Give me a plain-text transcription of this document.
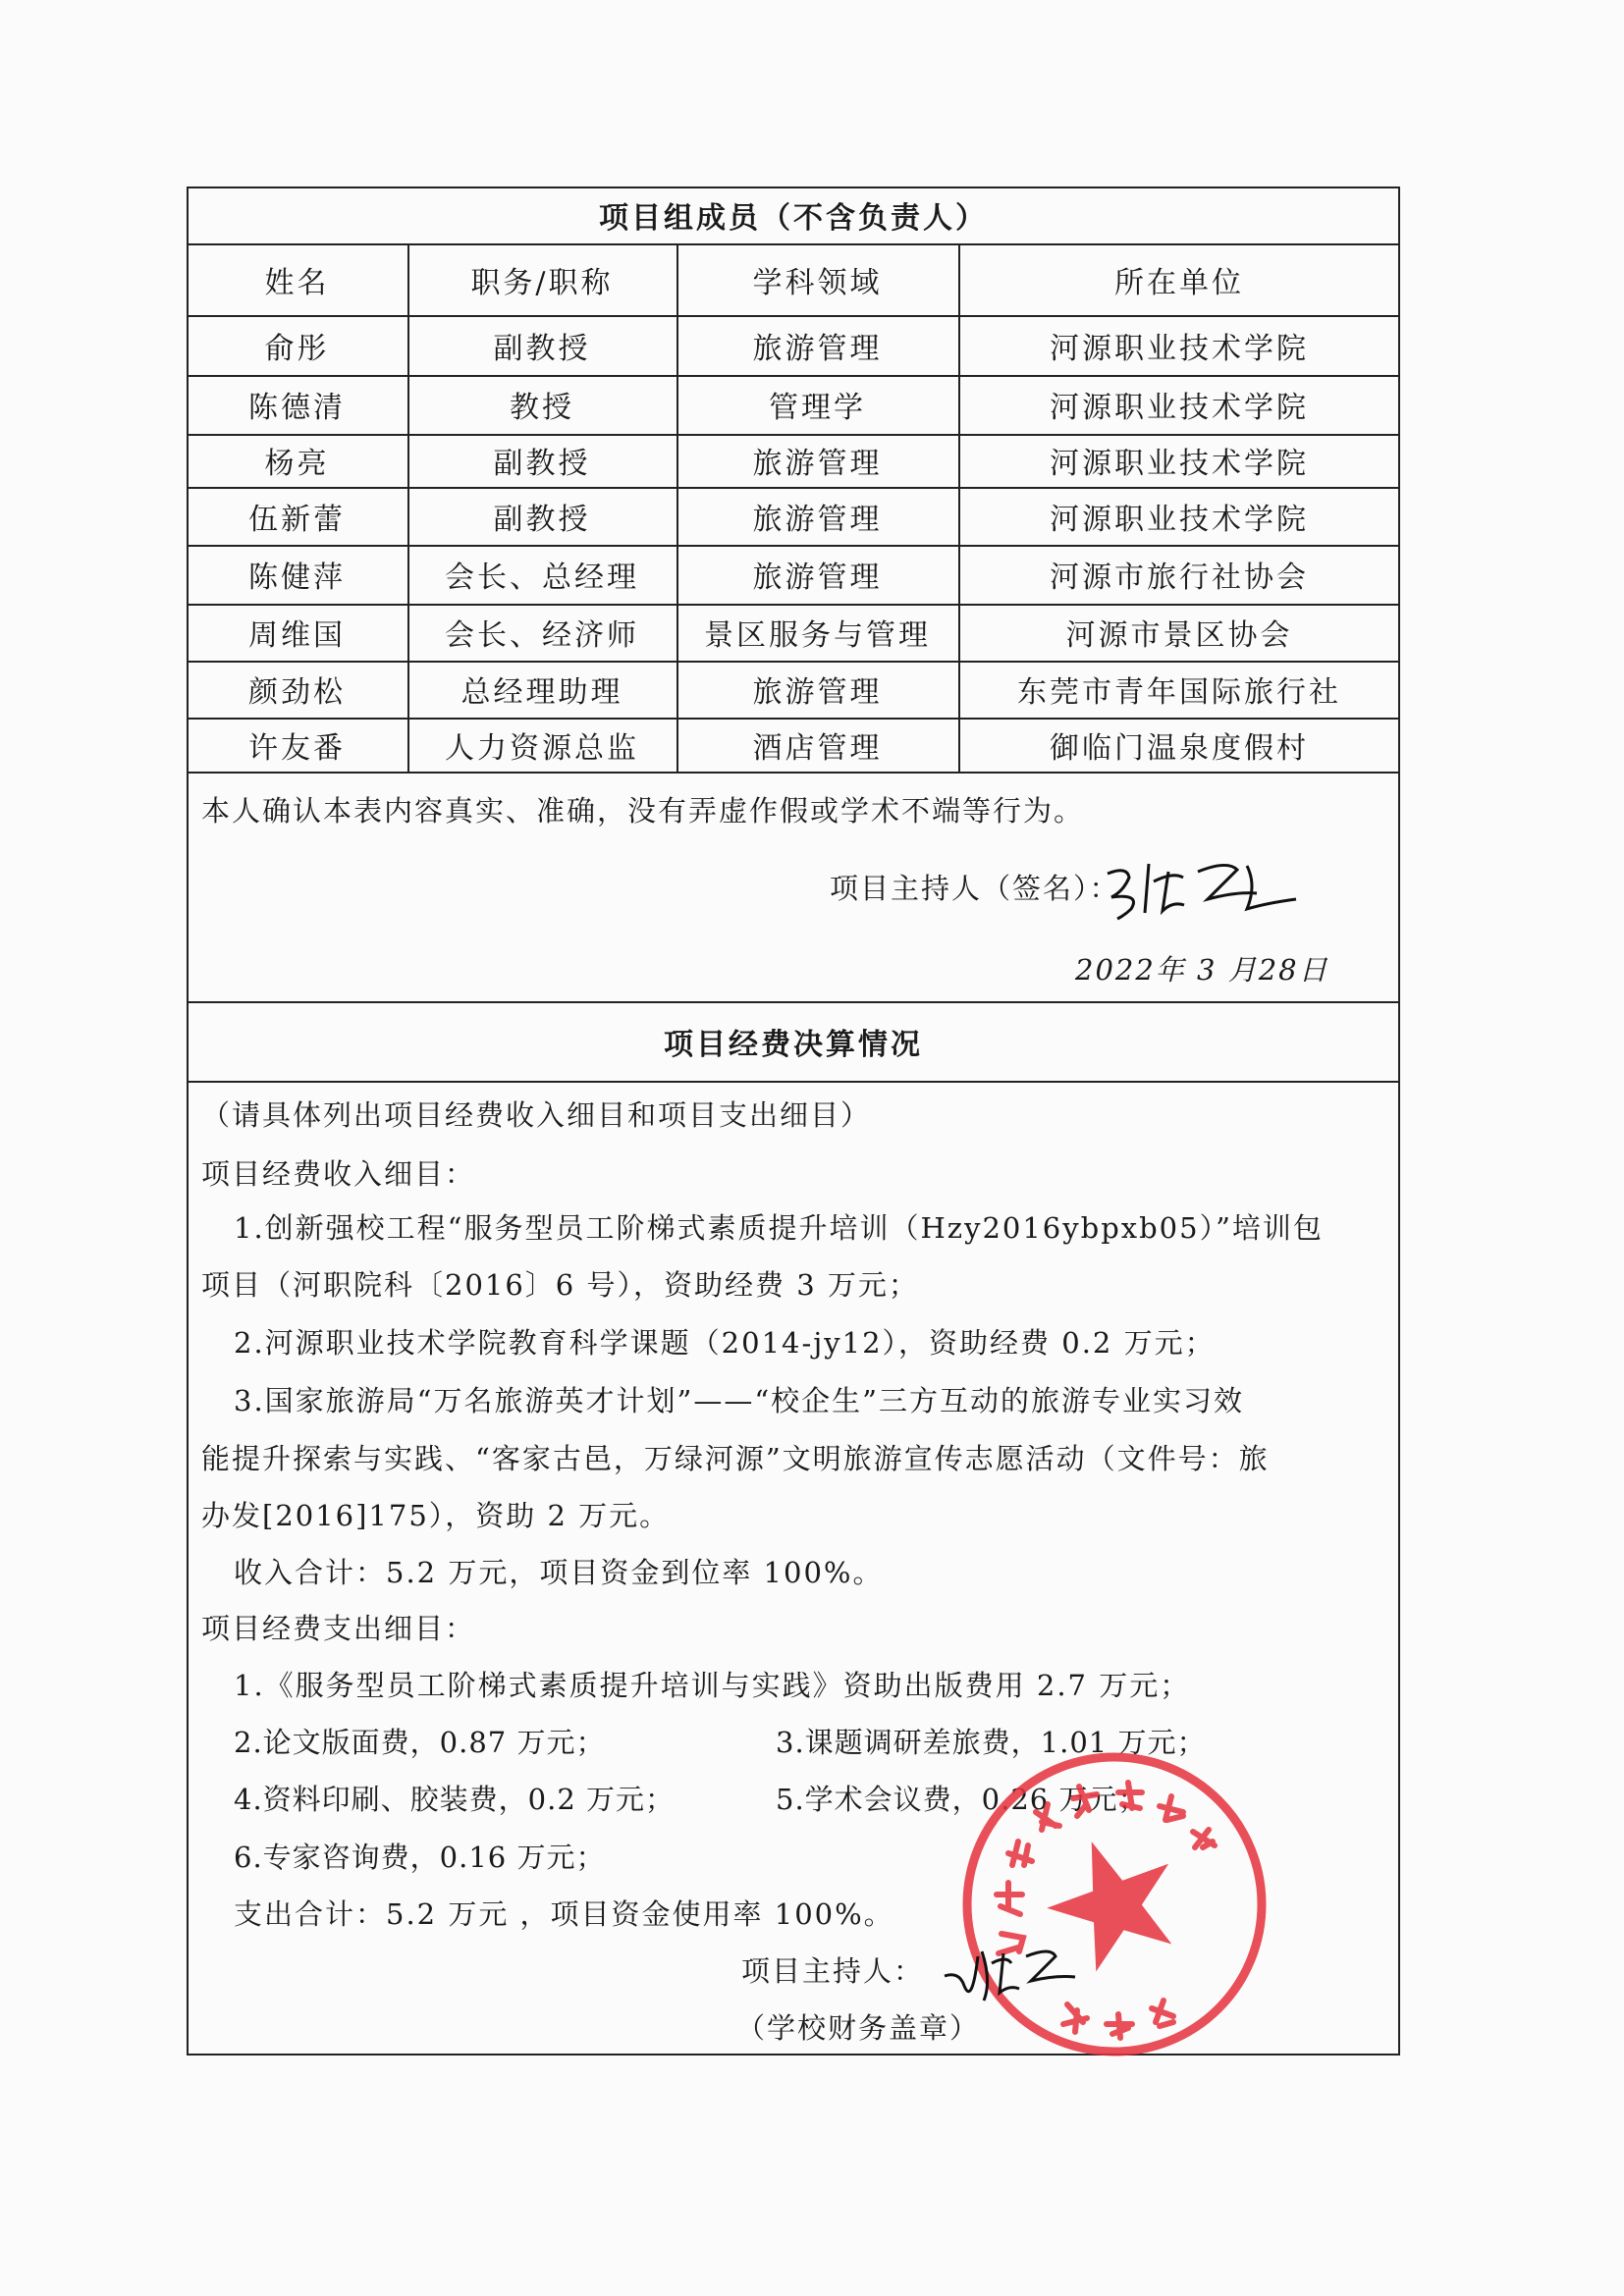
项目组成员（不含负责人）
姓名	职务/职称	学科领域	所在单位
俞彤	副教授	旅游管理	河源职业技术学院
陈德清	教授	管理学	河源职业技术学院
杨亮	副教授	旅游管理	河源职业技术学院
伍新蕾	副教授	旅游管理	河源职业技术学院
陈健萍	会长、总经理	旅游管理	河源市旅行社协会
周维国	会长、经济师	景区服务与管理	河源市景区协会
颜劲松	总经理助理	旅游管理	东莞市青年国际旅行社
许友番	人力资源总监	酒店管理	御临门温泉度假村
本人确认本表内容真实、准确，没有弄虚作假或学术不端等行为。
项目主持人（签名）：
2022年 3 月28日
项目经费决算情况
（请具体列出项目经费收入细目和项目支出细目）
项目经费收入细目：
1.创新强校工程“服务型员工阶梯式素质提升培训（Hzy2016ybpxb05）”培训包
项目（河职院科〔2016〕6 号），资助经费 3 万元；
2.河源职业技术学院教育科学课题（2014-jy12），资助经费 0.2 万元；
3.国家旅游局“万名旅游英才计划”——“校企生”三方互动的旅游专业实习效
能提升探索与实践、“客家古邑，万绿河源”文明旅游宣传志愿活动（文件号：旅
办发[2016]175），资助 2 万元。
收入合计：5.2 万元，项目资金到位率 100%。
项目经费支出细目：
1.《服务型员工阶梯式素质提升培训与实践》资助出版费用 2.7 万元；
2.论文版面费，0.87 万元；	3.课题调研差旅费，1.01 万元；
4.资料印刷、胶装费，0.2 万元；	5.学术会议费，0.26 万元；
6.专家咨询费，0.16 万元；
支出合计：5.2 万元 ，项目资金使用率 100%。
项目主持人：
（学校财务盖章）
